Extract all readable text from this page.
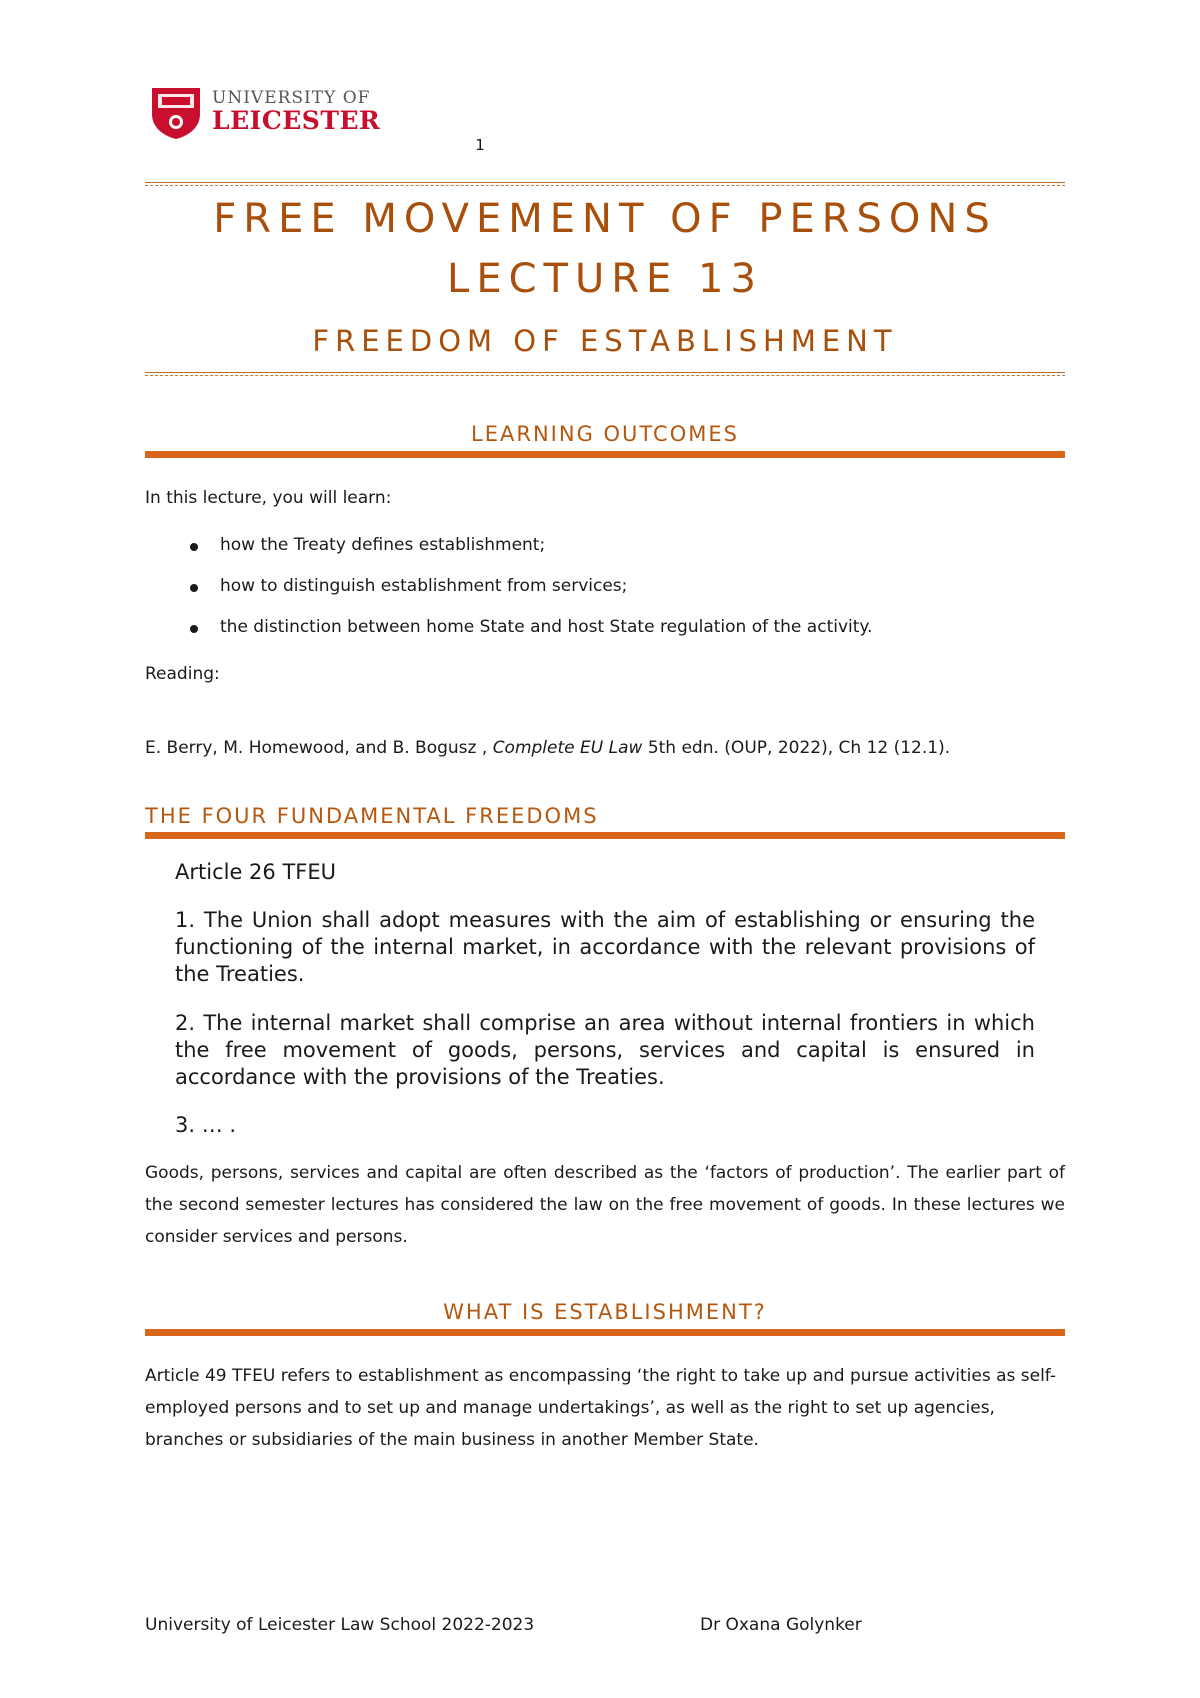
UNIVERSITY OF
LEICESTER
1
FREE MOVEMENT OF PERSONS
LECTURE 13
FREEDOM OF ESTABLISHMENT
LEARNING OUTCOMES
In this lecture, you will learn:
how the Treaty defines establishment;
how to distinguish establishment from services;
the distinction between home State and host State regulation of the activity.
Reading:
E. Berry, M. Homewood, and B. Bogusz , Complete EU Law 5th edn. (OUP, 2022), Ch 12 (12.1).
THE FOUR FUNDAMENTAL FREEDOMS
Article 26 TFEU
1. The Union shall adopt measures with the aim of establishing or ensuring the functioning of the internal market, in accordance with the relevant provisions of the Treaties.
2. The internal market shall comprise an area without internal frontiers in which the free movement of goods, persons, services and capital is ensured in accordance with the provisions of the Treaties.
3. … .
Goods, persons, services and capital are often described as the ‘factors of production’. The earlier part of the second semester lectures has considered the law on the free movement of goods. In these lectures we consider services and persons.
WHAT IS ESTABLISHMENT?
Article 49 TFEU refers to establishment as encompassing ‘the right to take up and pursue activities as self-employed persons and to set up and manage undertakings’, as well as the right to set up agencies, branches or subsidiaries of the main business in another Member State.
University of Leicester Law School 2022-2023	Dr Oxana Golynker
